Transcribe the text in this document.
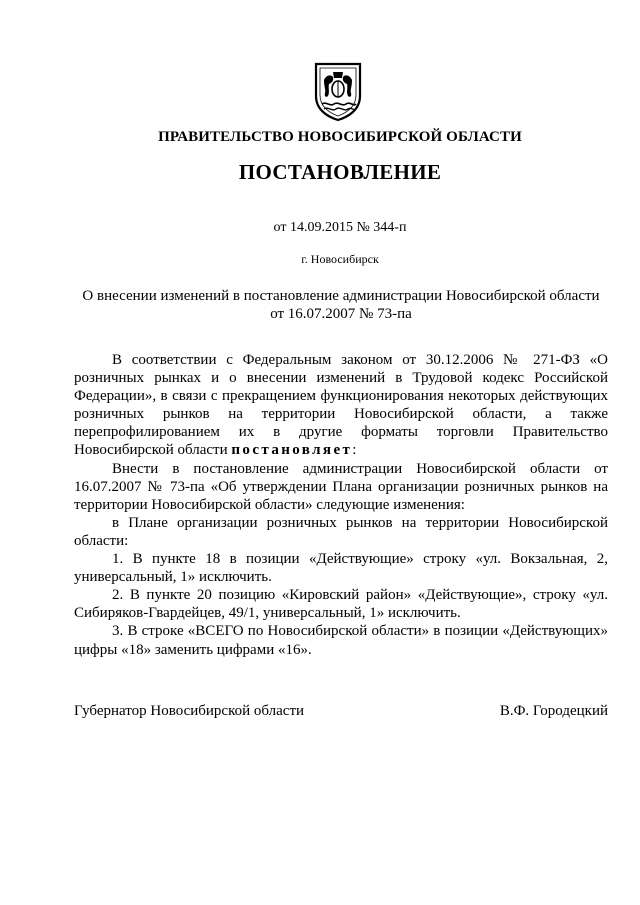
ПРАВИТЕЛЬСТВО НОВОСИБИРСКОЙ ОБЛАСТИ
ПОСТАНОВЛЕНИЕ
от 14.09.2015 № 344-п
г. Новосибирск
О внесении изменений в постановление администрации Новосибирской области
от 16.07.2007 № 73-па

В соответствии с Федеральным законом от 30.12.2006 № 271-ФЗ «О розничных рынках и о внесении изменений в Трудовой кодекс Российской Федерации», в связи с прекращением функционирования некоторых действующих розничных рынков на территории Новосибирской области, а также перепрофилированием их в другие форматы торговли Правительство Новосибирской области постановляет:

Внести в постановление администрации Новосибирской области от 16.07.2007 № 73-па «Об утверждении Плана организации розничных рынков на территории Новосибирской области» следующие изменения:

в Плане организации розничных рынков на территории Новосибирской области:

1. В пункте 18 в позиции «Действующие» строку «ул. Вокзальная, 2, универсальный, 1» исключить.

2. В пункте 20 позицию «Кировский район» «Действующие», строку «ул. Сибиряков-Гвардейцев, 49/1, универсальный, 1» исключить.

3. В строке «ВСЕГО по Новосибирской области» в позиции «Действующих» цифры «18» заменить цифрами «16».

Губернатор Новосибирской области	В.Ф. Городецкий
